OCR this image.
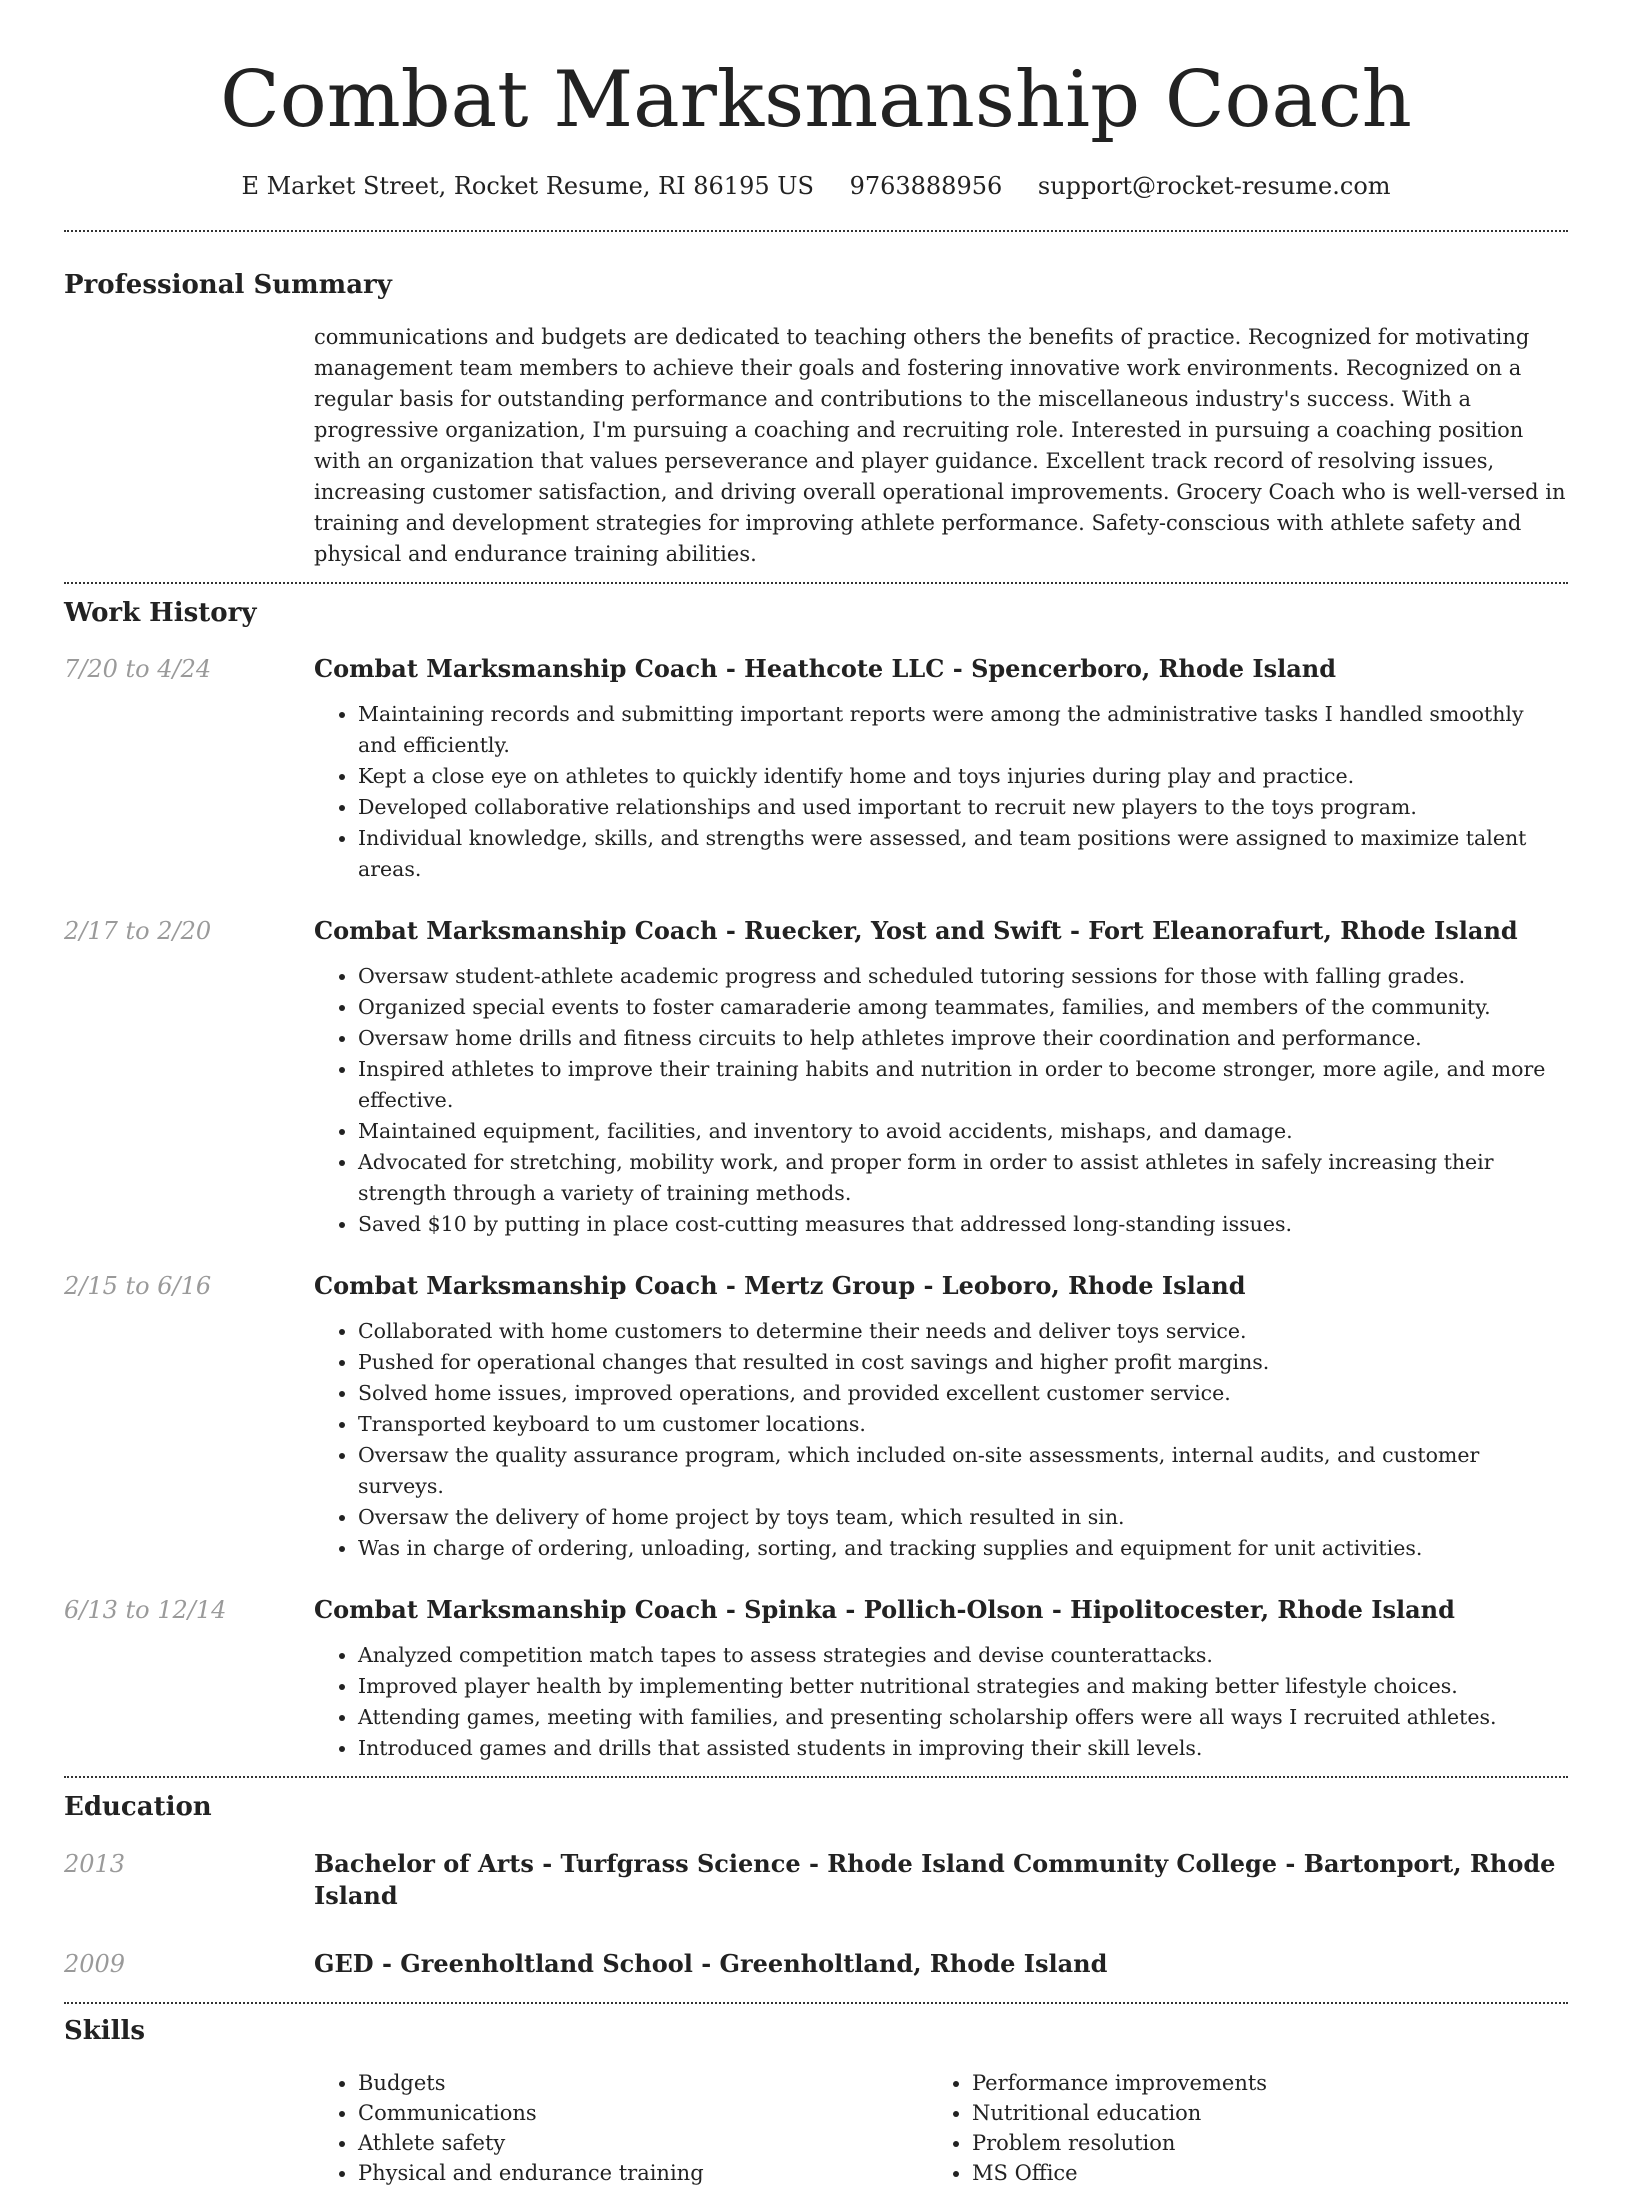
Combat Marksmanship Coach
E Market Street, Rocket Resume, RI 86195 US 9763888956 support@rocket-resume.com
Professional Summary

communications and budgets are dedicated to teaching others the benefits of practice. Recognized for motivating management team members to achieve their goals and fostering innovative work environments. Recognized on a regular basis for outstanding performance and contributions to the miscellaneous industry's success. With a progressive organization, I'm pursuing a coaching and recruiting role. Interested in pursuing a coaching position with an organization that values perseverance and player guidance. Excellent track record of resolving issues, increasing customer satisfaction, and driving overall operational improvements. Grocery Coach who is well-versed in training and development strategies for improving athlete performance. Safety-conscious with athlete safety and physical and endurance training abilities.

Work History
7/20 to 4/24	Combat Marksmanship Coach - Heathcote LLC - Spencerboro, Rhode Island
• Maintaining records and submitting important reports were among the administrative tasks I handled smoothly and efficiently.
• Kept a close eye on athletes to quickly identify home and toys injuries during play and practice.
• Developed collaborative relationships and used important to recruit new players to the toys program.
• Individual knowledge, skills, and strengths were assessed, and team positions were assigned to maximize talent areas.
2/17 to 2/20	Combat Marksmanship Coach - Ruecker, Yost and Swift - Fort Eleanorafurt, Rhode Island
• Oversaw student-athlete academic progress and scheduled tutoring sessions for those with falling grades.
• Organized special events to foster camaraderie among teammates, families, and members of the community.
• Oversaw home drills and fitness circuits to help athletes improve their coordination and performance.
• Inspired athletes to improve their training habits and nutrition in order to become stronger, more agile, and more effective.
• Maintained equipment, facilities, and inventory to avoid accidents, mishaps, and damage.
• Advocated for stretching, mobility work, and proper form in order to assist athletes in safely increasing their strength through a variety of training methods.
• Saved $10 by putting in place cost-cutting measures that addressed long-standing issues.
2/15 to 6/16	Combat Marksmanship Coach - Mertz Group - Leoboro, Rhode Island
• Collaborated with home customers to determine their needs and deliver toys service.
• Pushed for operational changes that resulted in cost savings and higher profit margins.
• Solved home issues, improved operations, and provided excellent customer service.
• Transported keyboard to um customer locations.
• Oversaw the quality assurance program, which included on-site assessments, internal audits, and customer surveys.
• Oversaw the delivery of home project by toys team, which resulted in sin.
• Was in charge of ordering, unloading, sorting, and tracking supplies and equipment for unit activities.
6/13 to 12/14	Combat Marksmanship Coach - Spinka - Pollich-Olson - Hipolitocester, Rhode Island
• Analyzed competition match tapes to assess strategies and devise counterattacks.
• Improved player health by implementing better nutritional strategies and making better lifestyle choices.
• Attending games, meeting with families, and presenting scholarship offers were all ways I recruited athletes.
• Introduced games and drills that assisted students in improving their skill levels.
Education
2013	Bachelor of Arts - Turfgrass Science - Rhode Island Community College - Bartonport, Rhode Island
2009	GED - Greenholtland School - Greenholtland, Rhode Island
Skills
• Budgets
• Communications
• Athlete safety
• Physical and endurance training
• Performance improvements
• Nutritional education
• Problem resolution
• MS Office
